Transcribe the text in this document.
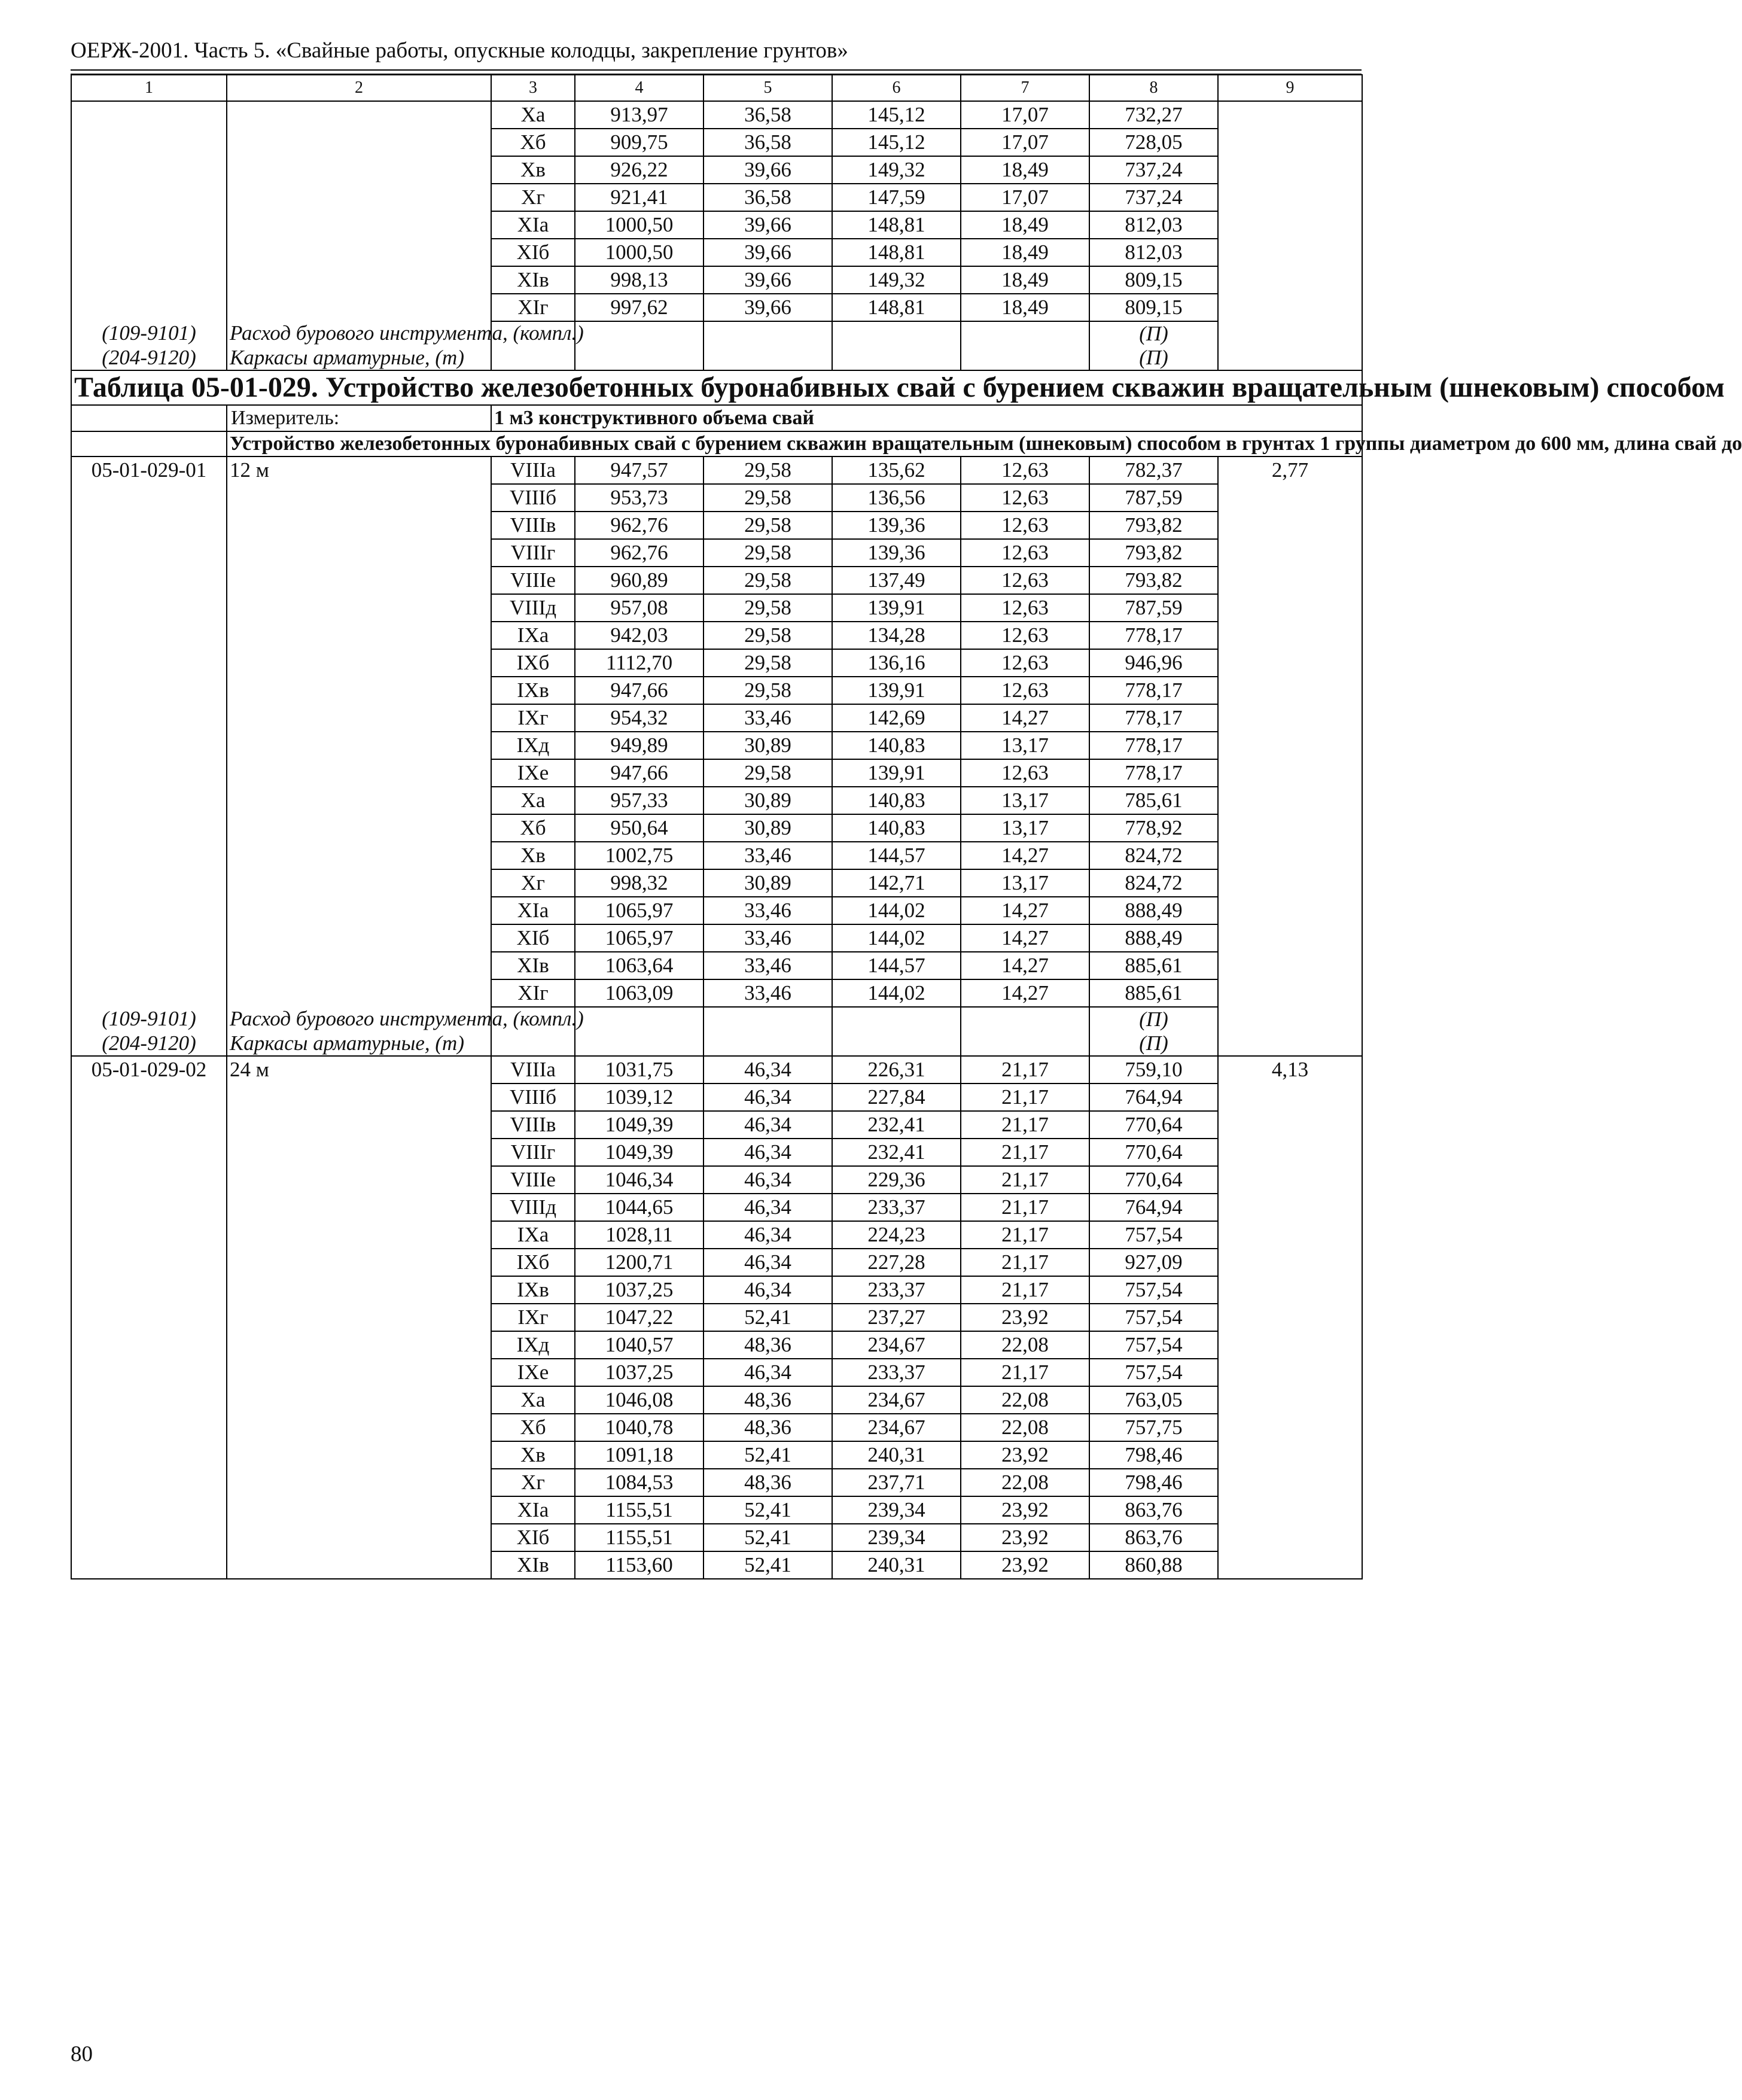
ОЕРЖ-2001. Часть 5. «Свайные работы, опускные колодцы, закрепление грунтов»
1	2	3	4	5	6	7	8	9
		Xа	913,97	36,58	145,12	17,07	732,27	
		Xб	909,75	36,58	145,12	17,07	728,05	
		Xв	926,22	39,66	149,32	18,49	737,24	
		Xг	921,41	36,58	147,59	17,07	737,24	
		XIа	1000,50	39,66	148,81	18,49	812,03	
		XIб	1000,50	39,66	148,81	18,49	812,03	
		XIв	998,13	39,66	149,32	18,49	809,15	
		XIг	997,62	39,66	148,81	18,49	809,15	
(109-9101)	Расход бурового инструмента, (компл.)						(П)	
(204-9120)	Каркасы арматурные, (т)						(П)	
Таблица 05-01-029. Устройство железобетонных буронабивных свай с бурением скважин вращательным (шнековым) способом								
	Измеритель:	1 м3 конструктивного объема свай						
	Устройство железобетонных буронабивных свай с бурением скважин вращательным (шнековым) способом в грунтах 1 группы диаметром до 600 мм, длина свай до							
05-01-029-01	12 м	VIIIа	947,57	29,58	135,62	12,63	782,37	2,77
		VIIIб	953,73	29,58	136,56	12,63	787,59	
		VIIIв	962,76	29,58	139,36	12,63	793,82	
		VIIIг	962,76	29,58	139,36	12,63	793,82	
		VIIIе	960,89	29,58	137,49	12,63	793,82	
		VIIIд	957,08	29,58	139,91	12,63	787,59	
		IXа	942,03	29,58	134,28	12,63	778,17	
		IXб	1112,70	29,58	136,16	12,63	946,96	
		IXв	947,66	29,58	139,91	12,63	778,17	
		IXг	954,32	33,46	142,69	14,27	778,17	
		IXд	949,89	30,89	140,83	13,17	778,17	
		IXе	947,66	29,58	139,91	12,63	778,17	
		Xа	957,33	30,89	140,83	13,17	785,61	
		Xб	950,64	30,89	140,83	13,17	778,92	
		Xв	1002,75	33,46	144,57	14,27	824,72	
		Xг	998,32	30,89	142,71	13,17	824,72	
		XIа	1065,97	33,46	144,02	14,27	888,49	
		XIб	1065,97	33,46	144,02	14,27	888,49	
		XIв	1063,64	33,46	144,57	14,27	885,61	
		XIг	1063,09	33,46	144,02	14,27	885,61	
(109-9101)	Расход бурового инструмента, (компл.)						(П)	
(204-9120)	Каркасы арматурные, (т)						(П)	
05-01-029-02	24 м	VIIIа	1031,75	46,34	226,31	21,17	759,10	4,13
		VIIIб	1039,12	46,34	227,84	21,17	764,94	
		VIIIв	1049,39	46,34	232,41	21,17	770,64	
		VIIIг	1049,39	46,34	232,41	21,17	770,64	
		VIIIе	1046,34	46,34	229,36	21,17	770,64	
		VIIIд	1044,65	46,34	233,37	21,17	764,94	
		IXа	1028,11	46,34	224,23	21,17	757,54	
		IXб	1200,71	46,34	227,28	21,17	927,09	
		IXв	1037,25	46,34	233,37	21,17	757,54	
		IXг	1047,22	52,41	237,27	23,92	757,54	
		IXд	1040,57	48,36	234,67	22,08	757,54	
		IXе	1037,25	46,34	233,37	21,17	757,54	
		Xа	1046,08	48,36	234,67	22,08	763,05	
		Xб	1040,78	48,36	234,67	22,08	757,75	
		Xв	1091,18	52,41	240,31	23,92	798,46	
		Xг	1084,53	48,36	237,71	22,08	798,46	
		XIа	1155,51	52,41	239,34	23,92	863,76	
		XIб	1155,51	52,41	239,34	23,92	863,76	
		XIв	1153,60	52,41	240,31	23,92	860,88	
80
